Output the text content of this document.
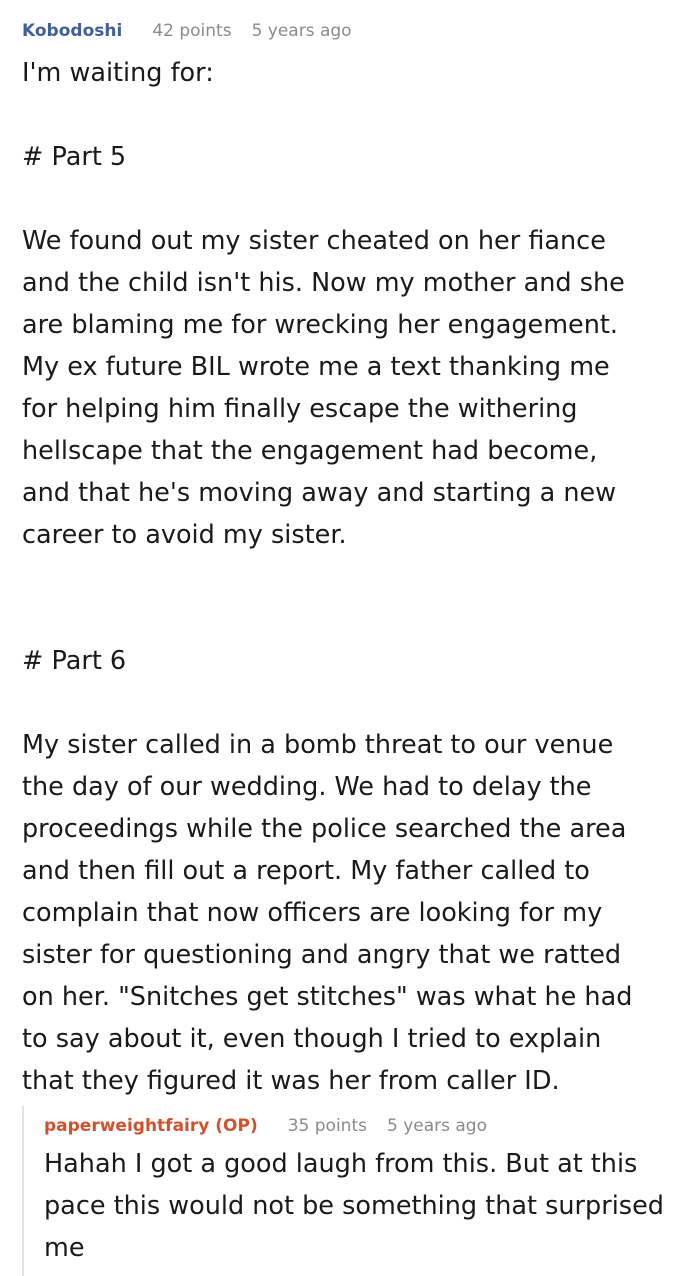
Kobodoshi 42 points 5 years ago
I'm waiting for:
# Part 5
We found out my sister cheated on her fiance
and the child isn't his. Now my mother and she
are blaming me for wrecking her engagement.
My ex future BIL wrote me a text thanking me
for helping him finally escape the withering
hellscape that the engagement had become,
and that he's moving away and starting a new
career to avoid my sister.
# Part 6
My sister called in a bomb threat to our venue
the day of our wedding. We had to delay the
proceedings while the police searched the area
and then fill out a report. My father called to
complain that now officers are looking for my
sister for questioning and angry that we ratted
on her. "Snitches get stitches" was what he had
to say about it, even though I tried to explain
that they figured it was her from caller ID.
paperweightfairy (OP) 35 points 5 years ago
Hahah I got a good laugh from this. But at this
pace this would not be something that surprised
me
